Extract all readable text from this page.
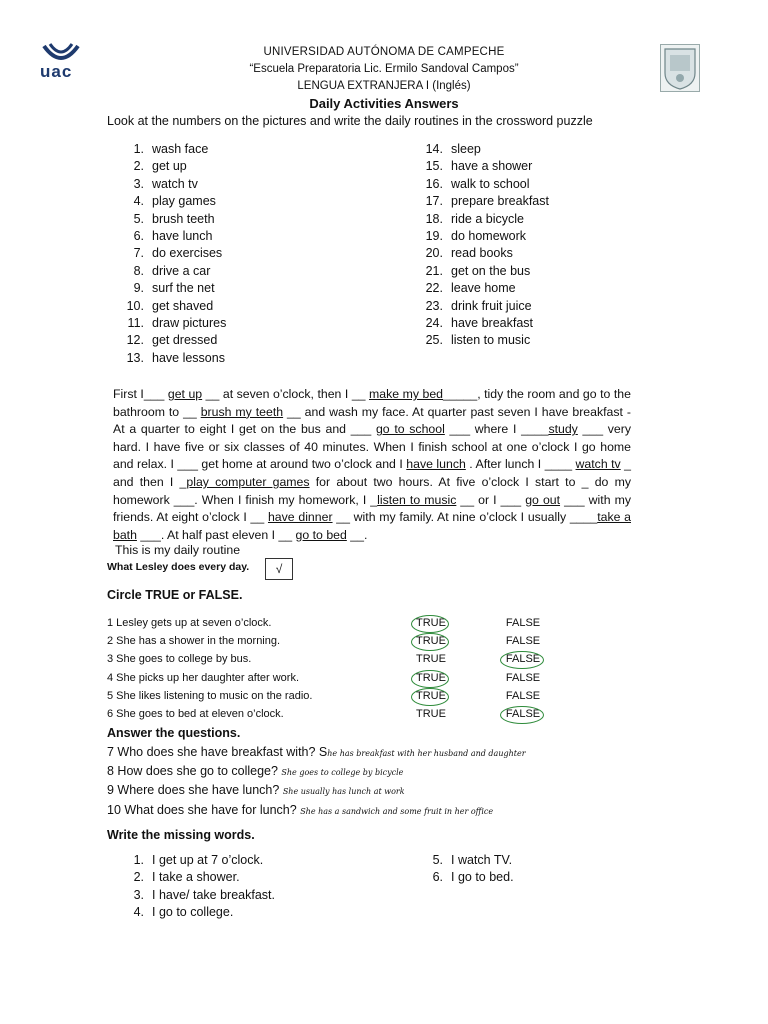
uac
UNIVERSIDAD AUTÓNOMA DE CAMPECHE
“Escuela Preparatoria Lic. Ermilo Sandoval Campos”
LENGUA EXTRANJERA I (Inglés)
Daily Activities Answers
Look at the numbers on the pictures and write the daily routines in the crossword puzzle
1. wash face
2. get up
3. watch tv
4. play games
5. brush teeth
6. have lunch
7. do exercises
8. drive a car
9. surf the net
10. get shaved
11. draw pictures
12. get dressed
13. have lessons
14. sleep
15. have a shower
16. walk to school
17. prepare breakfast
18. ride a bicycle
19. do homework
20. read books
21. get on the bus
22. leave home
23. drink fruit juice
24. have breakfast
25. listen to music
First I___ get up __ at seven o’clock, then I __ make my bed_____, tidy the room and go to the bathroom to __ brush my teeth __ and wash my face. At quarter past seven I have breakfast - At a quarter to eight I get on the bus and ___ go to school ___ where I ____study ___ very hard. I have five or six classes of 40 minutes. When I finish school at one o’clock I go home and relax. I ___ get home at around two o’clock and I have lunch . After lunch I ____ watch tv _ and then I _play computer games for about two hours. At five o’clock I start to _ do my homework ___. When I finish my homework, I _listen to music __ or I ___ go out ___ with my friends. At eight o’clock I __ have dinner __ with my family. At nine o’clock I usually ____take a bath ___. At half past eleven I __ go to bed __.
This is my daily routine
What Lesley does every day.	√
Circle TRUE or FALSE.
1 Lesley gets up at seven o’clock.	TRUE	FALSE
2 She has a shower in the morning.	TRUE	FALSE
3 She goes to college by bus.	TRUE	FALSE
4 She picks up her daughter after work.	TRUE	FALSE
5 She likes listening to music on the radio.	TRUE	FALSE
6 She goes to bed at eleven o’clock.	TRUE	FALSE
Answer the questions.
7 Who does she have breakfast with? She has breakfast with her husband and daughter
8 How does she go to college? She goes to college by bicycle
9 Where does she have lunch? She usually has lunch at work
10 What does she have for lunch? She has a sandwich and some fruit in her office
Write the missing words.
1. I get up at 7 o’clock.
2. I take a shower.
3. I have/ take breakfast.
4. I go to college.
5. I watch TV.
6. I go to bed.
